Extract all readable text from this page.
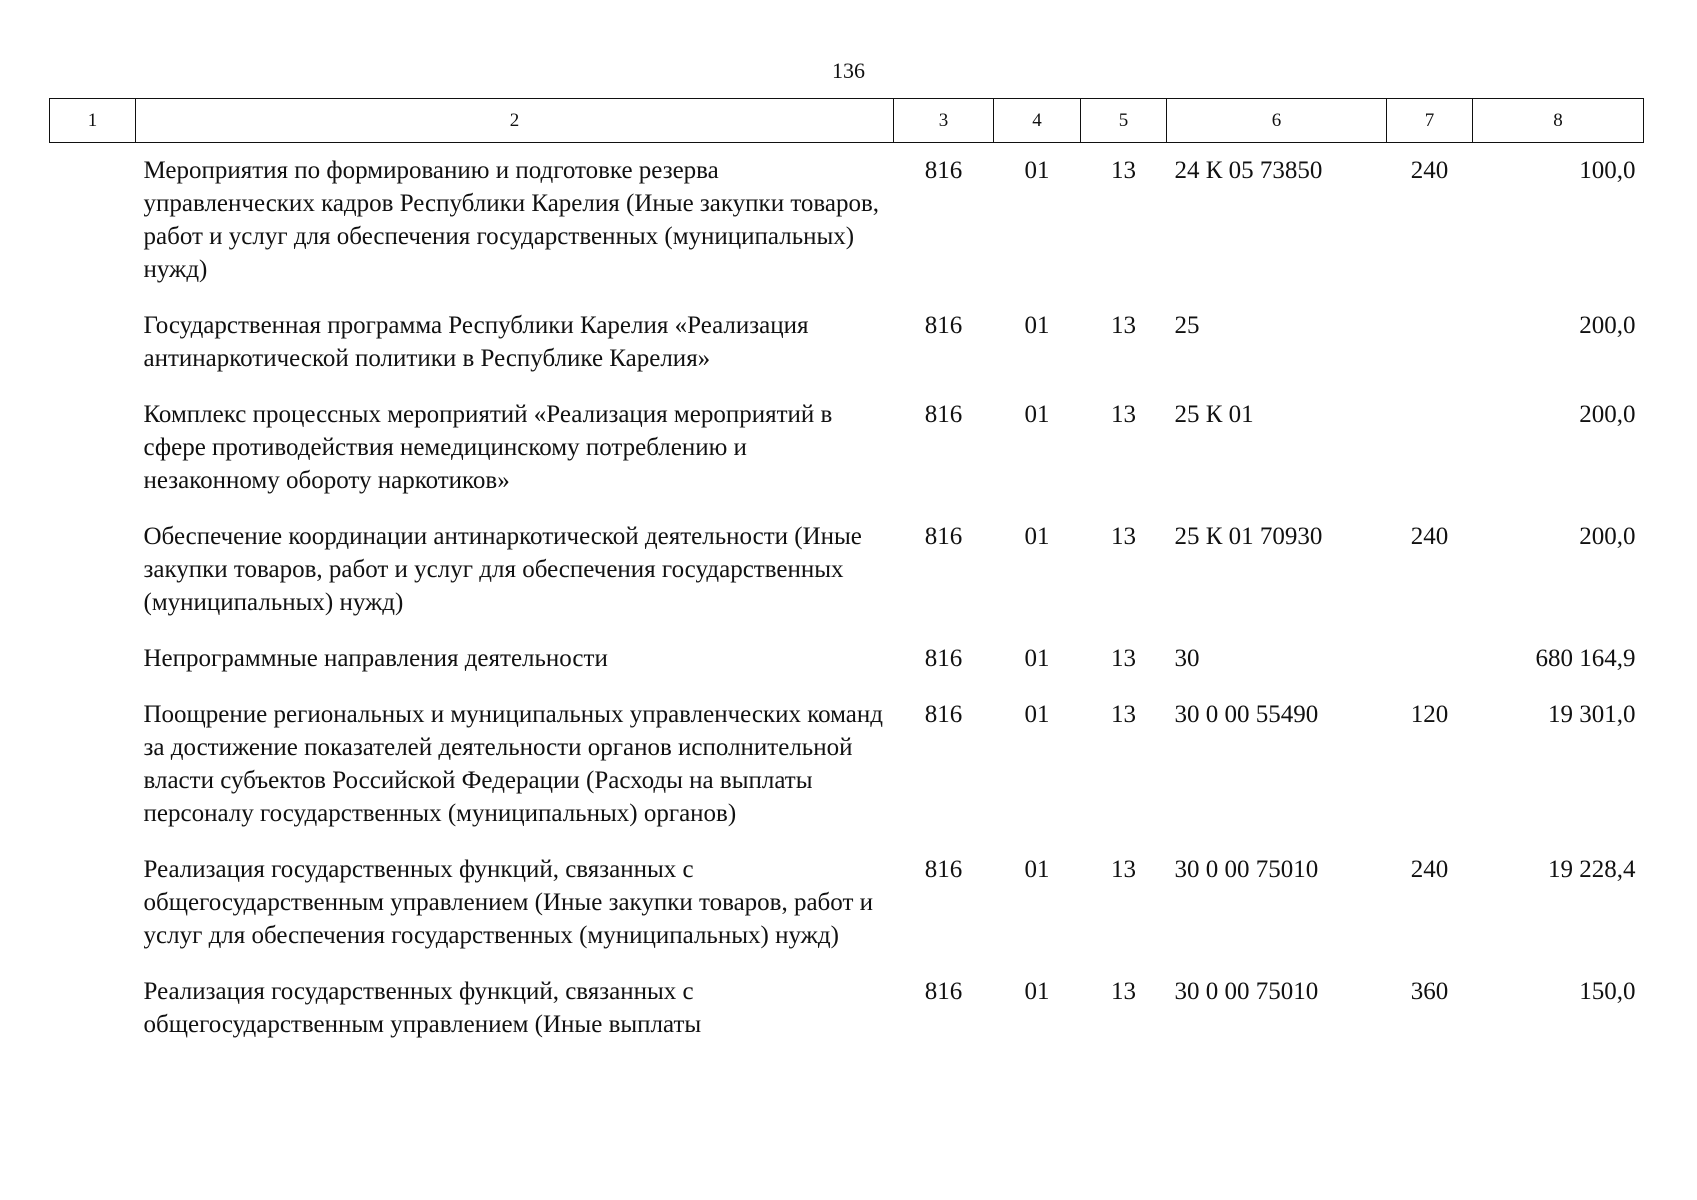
136
1	2	3	4	5	6	7	8
	Мероприятия по формированию и подготовке резерва управленческих кадров Республики Карелия (Иные закупки товаров, работ и услуг для обеспечения государственных (муниципальных) нужд)	816	01	13	24 К 05 73850	240	100,0
	Государственная программа Республики Карелия «Реализация антинаркотической политики в Республике Карелия»	816	01	13	25		200,0
	Комплекс процессных мероприятий «Реализация мероприятий в сфере противодействия немедицинскому потреблению и незаконному обороту наркотиков»	816	01	13	25 К 01		200,0
	Обеспечение координации антинаркотической деятельности (Иные закупки товаров, работ и услуг для обеспечения государственных (муниципальных) нужд)	816	01	13	25 К 01 70930	240	200,0
	Непрограммные направления деятельности	816	01	13	30		680 164,9
	Поощрение региональных и муниципальных управленческих команд за достижение показателей деятельности органов исполнительной власти субъектов Российской Федерации (Расходы на выплаты персоналу государственных (муниципальных) органов)	816	01	13	30 0 00 55490	120	19 301,0
	Реализация государственных функций, связанных с общегосударственным управлением (Иные закупки товаров, работ и услуг для обеспечения государственных (муниципальных) нужд)	816	01	13	30 0 00 75010	240	19 228,4
	Реализация государственных функций, связанных с общегосударственным управлением (Иные выплаты	816	01	13	30 0 00 75010	360	150,0
